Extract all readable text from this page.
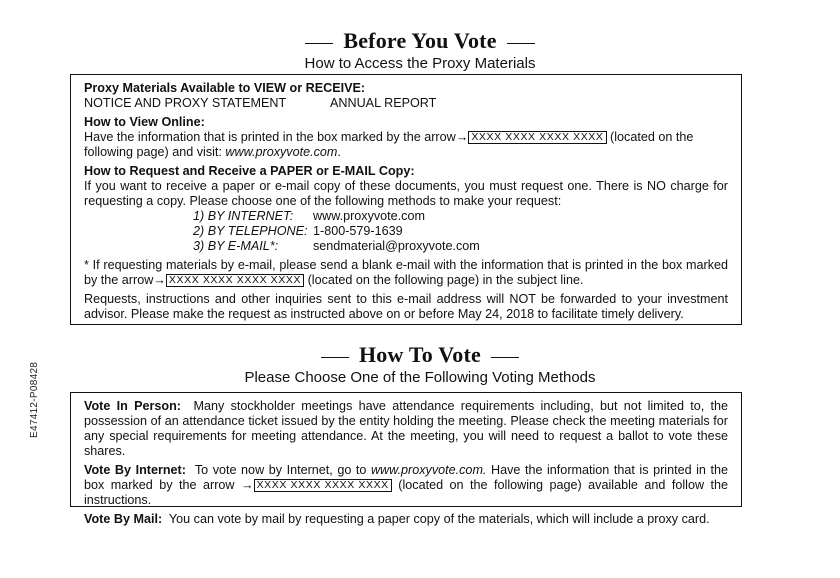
Before You Vote
How to Access the Proxy Materials

Proxy Materials Available to VIEW or RECEIVE:

NOTICE AND PROXY STATEMENT	ANNUAL REPORT

How to View Online:

Have the information that is printed in the box marked by the arrow→ XXXX XXXX XXXX XXXX (located on the
following page) and visit: www.proxyvote.com.

How to Request and Receive a PAPER or E-MAIL Copy:

If you want to receive a paper or e-mail copy of these documents, you must request one. There is NO charge for requesting a copy. Please choose one of the following methods to make your request:

1) BY INTERNET:	www.proxyvote.com
2) BY TELEPHONE: 1-800-579-1639
3) BY E-MAIL*:	sendmaterial@proxyvote.com

* If requesting materials by e-mail, please send a blank e-mail with the information that is printed in the box marked by the arrow→ XXXX XXXX XXXX XXXX (located on the following page) in the subject line.

Requests, instructions and other inquiries sent to this e-mail address will NOT be forwarded to your investment advisor. Please make the request as instructed above on or before May 24, 2018 to facilitate timely delivery.

How To Vote
Please Choose One of the Following Voting Methods

Vote In Person: Many stockholder meetings have attendance requirements including, but not limited to, the possession of an attendance ticket issued by the entity holding the meeting. Please check the meeting materials for any special requirements for meeting attendance. At the meeting, you will need to request a ballot to vote these shares.

Vote By Internet: To vote now by Internet, go to www.proxyvote.com. Have the information that is printed in the box marked by the arrow → XXXX XXXX XXXX XXXX (located on the following page) available and follow the instructions.

Vote By Mail: You can vote by mail by requesting a paper copy of the materials, which will include a proxy card.

E47412-P08428
